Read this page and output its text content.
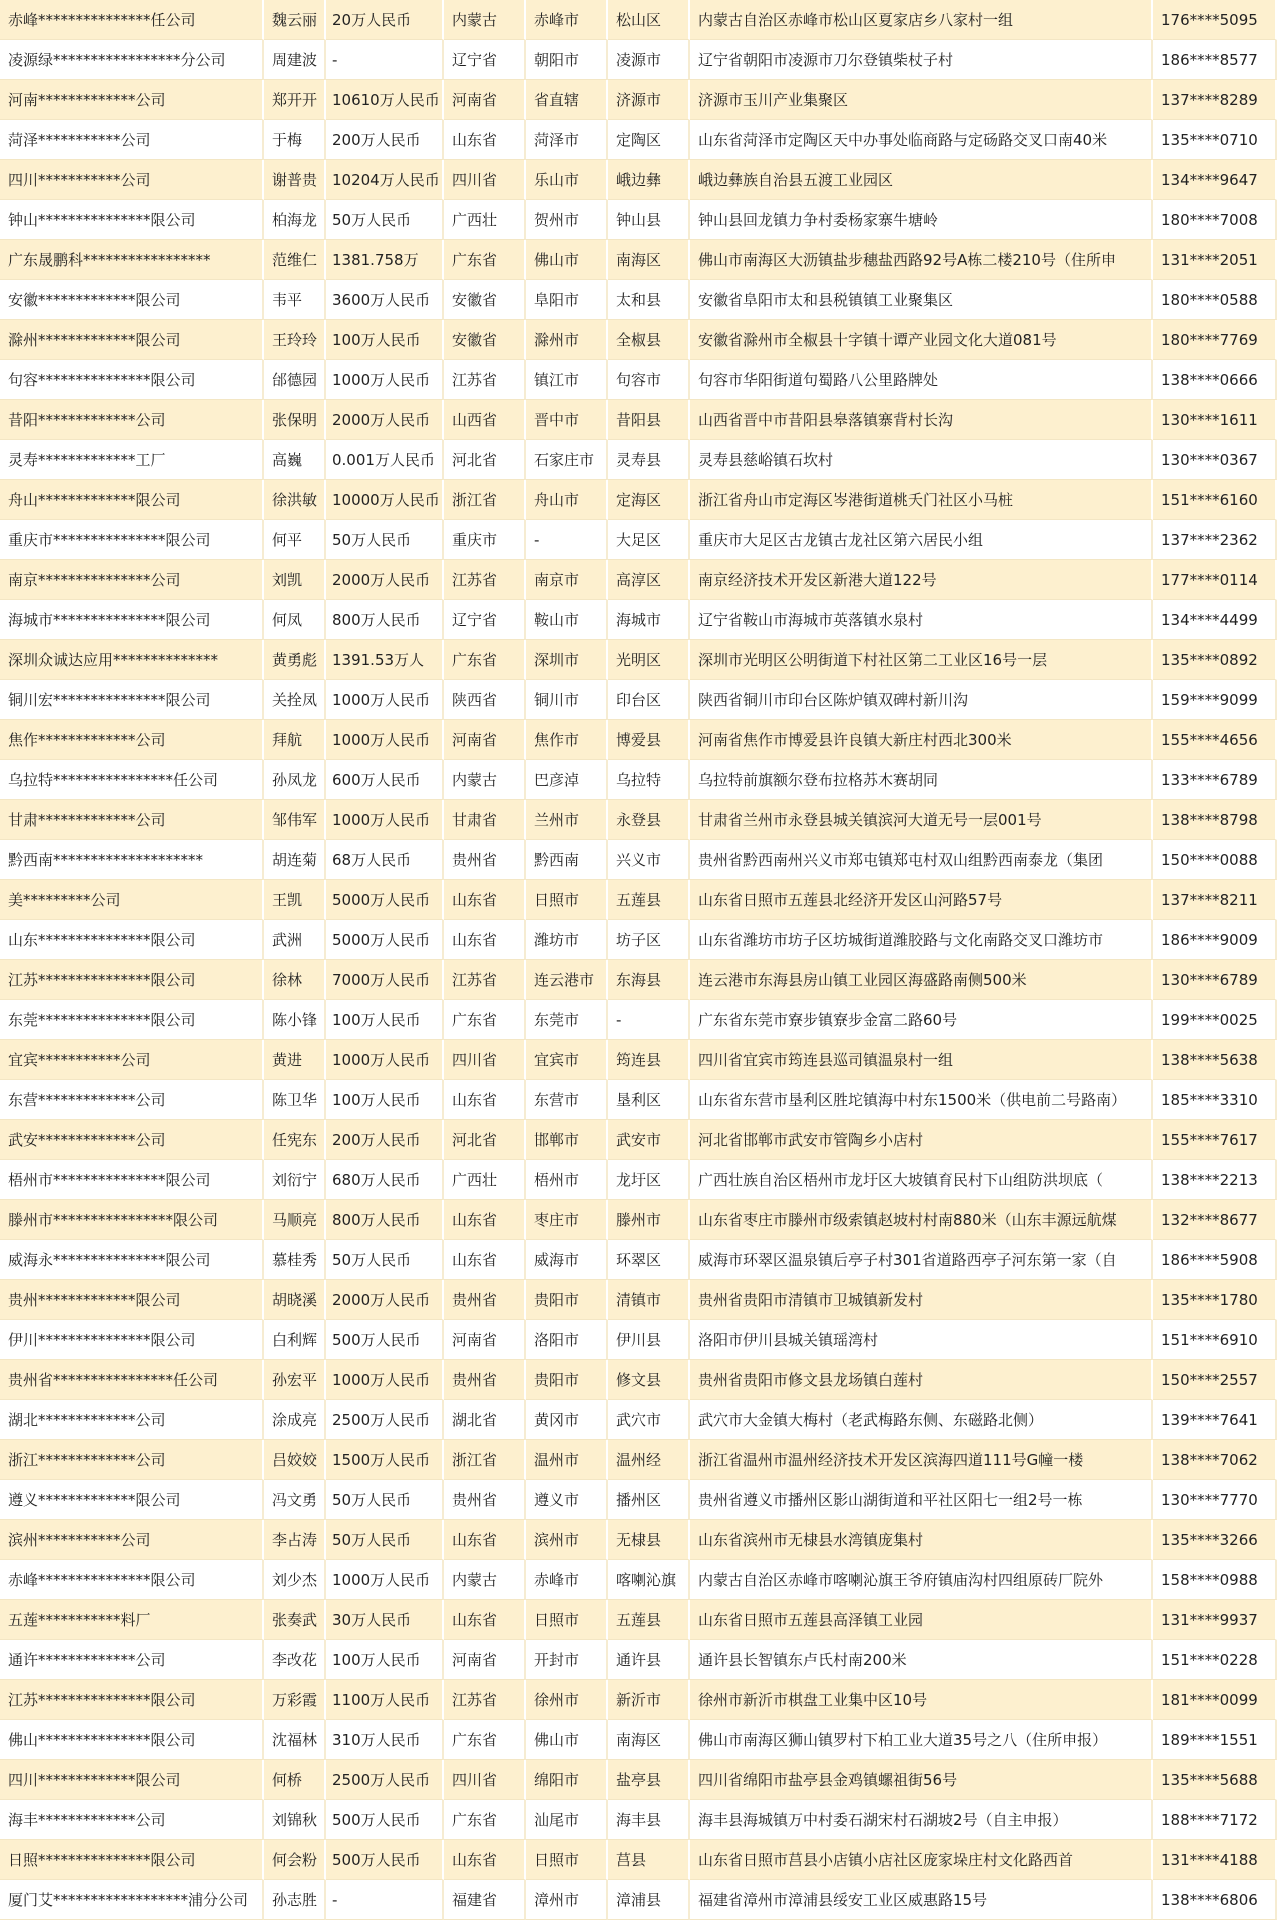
赤峰***************任公司	魏云丽	20万人民币	内蒙古	赤峰市	松山区	内蒙古自治区赤峰市松山区夏家店乡八家村一组	176****5095
凌源绿*****************分公司	周建波	-	辽宁省	朝阳市	凌源市	辽宁省朝阳市凌源市刀尔登镇柴杖子村	186****8577
河南*************公司	郑开开	10610万人民币	河南省	省直辖	济源市	济源市玉川产业集聚区	137****8289
菏泽***********公司	于梅	200万人民币	山东省	菏泽市	定陶区	山东省菏泽市定陶区天中办事处临商路与定砀路交叉口南40米	135****0710
四川***********公司	谢普贵	10204万人民币	四川省	乐山市	峨边彝	峨边彝族自治县五渡工业园区	134****9647
钟山***************限公司	柏海龙	50万人民币	广西壮	贺州市	钟山县	钟山县回龙镇力争村委杨家寨牛塘岭	180****7008
广东晟鹏科*****************	范维仁	1381.758万	广东省	佛山市	南海区	佛山市南海区大沥镇盐步穗盐西路92号A栋二楼210号（住所申	131****2051
安徽*************限公司	韦平	3600万人民币	安徽省	阜阳市	太和县	安徽省阜阳市太和县税镇镇工业聚集区	180****0588
滁州*************限公司	王玲玲	100万人民币	安徽省	滁州市	全椒县	安徽省滁州市全椒县十字镇十谭产业园文化大道081号	180****7769
句容***************限公司	邰德园	1000万人民币	江苏省	镇江市	句容市	句容市华阳街道句蜀路八公里路牌处	138****0666
昔阳*************公司	张保明	2000万人民币	山西省	晋中市	昔阳县	山西省晋中市昔阳县皋落镇寨背村长沟	130****1611
灵寿*************工厂	高巍	0.001万人民币	河北省	石家庄市	灵寿县	灵寿县慈峪镇石坎村	130****0367
舟山*************限公司	徐洪敏	10000万人民币	浙江省	舟山市	定海区	浙江省舟山市定海区岑港街道桃夭门社区小马桩	151****6160
重庆市***************限公司	何平	50万人民币	重庆市	-	大足区	重庆市大足区古龙镇古龙社区第六居民小组	137****2362
南京***************公司	刘凯	2000万人民币	江苏省	南京市	高淳区	南京经济技术开发区新港大道122号	177****0114
海城市***************限公司	何凤	800万人民币	辽宁省	鞍山市	海城市	辽宁省鞍山市海城市英落镇水泉村	134****4499
深圳众诚达应用**************	黄勇彪	1391.53万人	广东省	深圳市	光明区	深圳市光明区公明街道下村社区第二工业区16号一层	135****0892
铜川宏***************限公司	关拴凤	1000万人民币	陕西省	铜川市	印台区	陕西省铜川市印台区陈炉镇双碑村新川沟	159****9099
焦作*************公司	拜航	1000万人民币	河南省	焦作市	博爱县	河南省焦作市博爱县许良镇大新庄村西北300米	155****4656
乌拉特****************任公司	孙凤龙	600万人民币	内蒙古	巴彦淖	乌拉特	乌拉特前旗额尔登布拉格苏木赛胡同	133****6789
甘肃*************公司	邹伟军	1000万人民币	甘肃省	兰州市	永登县	甘肃省兰州市永登县城关镇滨河大道无号一层001号	138****8798
黔西南********************	胡连菊	68万人民币	贵州省	黔西南	兴义市	贵州省黔西南州兴义市郑屯镇郑屯村双山组黔西南泰龙（集团	150****0088
美*********公司	王凯	5000万人民币	山东省	日照市	五莲县	山东省日照市五莲县北经济开发区山河路57号	137****8211
山东***************限公司	武洲	5000万人民币	山东省	潍坊市	坊子区	山东省潍坊市坊子区坊城街道潍胶路与文化南路交叉口潍坊市	186****9009
江苏***************限公司	徐林	7000万人民币	江苏省	连云港市	东海县	连云港市东海县房山镇工业园区海盛路南侧500米	130****6789
东莞***************限公司	陈小锋	100万人民币	广东省	东莞市	-	广东省东莞市寮步镇寮步金富二路60号	199****0025
宜宾***********公司	黄进	1000万人民币	四川省	宜宾市	筠连县	四川省宜宾市筠连县巡司镇温泉村一组	138****5638
东营*************公司	陈卫华	100万人民币	山东省	东营市	垦利区	山东省东营市垦利区胜坨镇海中村东1500米（供电前二号路南）	185****3310
武安*************公司	任宪东	200万人民币	河北省	邯郸市	武安市	河北省邯郸市武安市管陶乡小店村	155****7617
梧州市***************限公司	刘衍宁	680万人民币	广西壮	梧州市	龙圩区	广西壮族自治区梧州市龙圩区大坡镇育民村下山组防洪坝底（	138****2213
滕州市****************限公司	马顺亮	800万人民币	山东省	枣庄市	滕州市	山东省枣庄市滕州市级索镇赵坡村村南880米（山东丰源远航煤	132****8677
威海永***************限公司	慕桂秀	50万人民币	山东省	威海市	环翠区	威海市环翠区温泉镇后亭子村301省道路西亭子河东第一家（自	186****5908
贵州*************限公司	胡晓溪	2000万人民币	贵州省	贵阳市	清镇市	贵州省贵阳市清镇市卫城镇新发村	135****1780
伊川***************限公司	白利辉	500万人民币	河南省	洛阳市	伊川县	洛阳市伊川县城关镇瑶湾村	151****6910
贵州省****************任公司	孙宏平	1000万人民币	贵州省	贵阳市	修文县	贵州省贵阳市修文县龙场镇白莲村	150****2557
湖北*************公司	涂成亮	2500万人民币	湖北省	黄冈市	武穴市	武穴市大金镇大梅村（老武梅路东侧、东磁路北侧）	139****7641
浙江*************公司	吕姣姣	1500万人民币	浙江省	温州市	温州经	浙江省温州市温州经济技术开发区滨海四道111号G幢一楼	138****7062
遵义*************限公司	冯文勇	50万人民币	贵州省	遵义市	播州区	贵州省遵义市播州区影山湖街道和平社区阳七一组2号一栋	130****7770
滨州***********公司	李占涛	50万人民币	山东省	滨州市	无棣县	山东省滨州市无棣县水湾镇庞集村	135****3266
赤峰***************限公司	刘少杰	1000万人民币	内蒙古	赤峰市	喀喇沁旗	内蒙古自治区赤峰市喀喇沁旗王爷府镇庙沟村四组原砖厂院外	158****0988
五莲***********料厂	张奏武	30万人民币	山东省	日照市	五莲县	山东省日照市五莲县高泽镇工业园	131****9937
通许*************公司	李改花	100万人民币	河南省	开封市	通许县	通许县长智镇东卢氏村南200米	151****0228
江苏***************限公司	万彩霞	1100万人民币	江苏省	徐州市	新沂市	徐州市新沂市棋盘工业集中区10号	181****0099
佛山***************限公司	沈福林	310万人民币	广东省	佛山市	南海区	佛山市南海区狮山镇罗村下柏工业大道35号之八（住所申报）	189****1551
四川*************限公司	何桥	2500万人民币	四川省	绵阳市	盐亭县	四川省绵阳市盐亭县金鸡镇螺祖街56号	135****5688
海丰*************公司	刘锦秋	500万人民币	广东省	汕尾市	海丰县	海丰县海城镇万中村委石湖宋村石湖坡2号（自主申报）	188****7172
日照***************限公司	何会粉	500万人民币	山东省	日照市	莒县	山东省日照市莒县小店镇小店社区庞家垛庄村文化路西首	131****4188
厦门艾******************浦分公司	孙志胜	-	福建省	漳州市	漳浦县	福建省漳州市漳浦县绥安工业区威惠路15号	138****6806
